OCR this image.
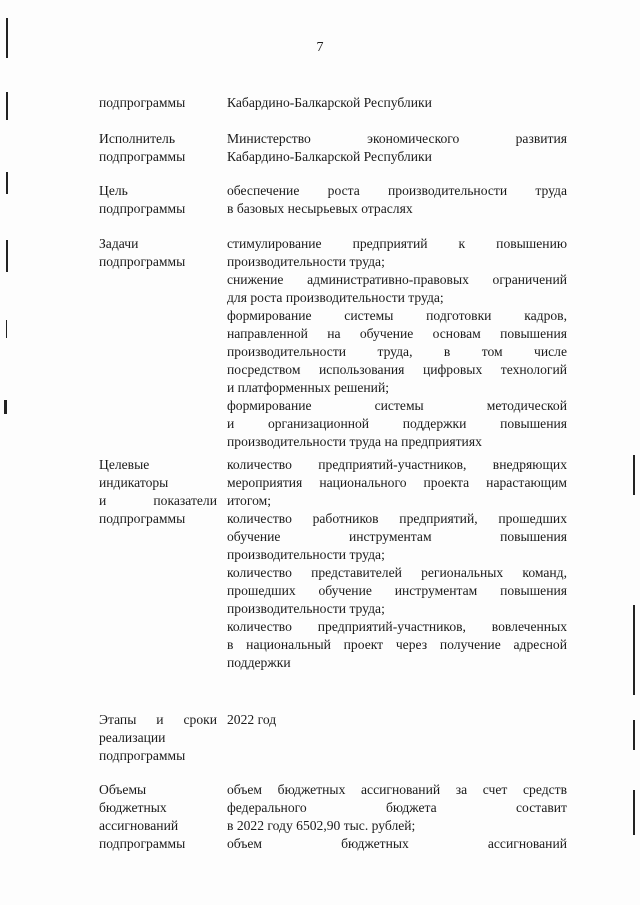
7
подпрограммы	Кабардино-Балкарской Республики
Исполнитель
подпрограммы
Министерство экономического развития
Кабардино-Балкарской Республики
Цель
подпрограммы
обеспечение роста производительности труда
в базовых несырьевых отраслях
Задачи
подпрограммы
стимулирование предприятий к повышению
производительности труда;
снижение административно-правовых ограничений
для роста производительности труда;
формирование системы подготовки кадров,
направленной на обучение основам повышения
производительности труда, в том числе
посредством использования цифровых технологий
и платформенных решений;
формирование системы методической
и организационной поддержки повышения
производительности труда на предприятиях
Целевые
индикаторы
и показатели
подпрограммы
количество предприятий-участников, внедряющих
мероприятия национального проекта нарастающим
итогом;
количество работников предприятий, прошедших
обучение инструментам повышения
производительности труда;
количество представителей региональных команд,
прошедших обучение инструментам повышения
производительности труда;
количество предприятий-участников, вовлеченных
в национальный проект через получение адресной
поддержки
Этапы и сроки
реализации
подпрограммы
2022 год
Объемы
бюджетных
ассигнований
подпрограммы
объем бюджетных ассигнований за счет средств
федерального бюджета составит
в 2022 году 6502,90 тыс. рублей;
объем бюджетных ассигнований
